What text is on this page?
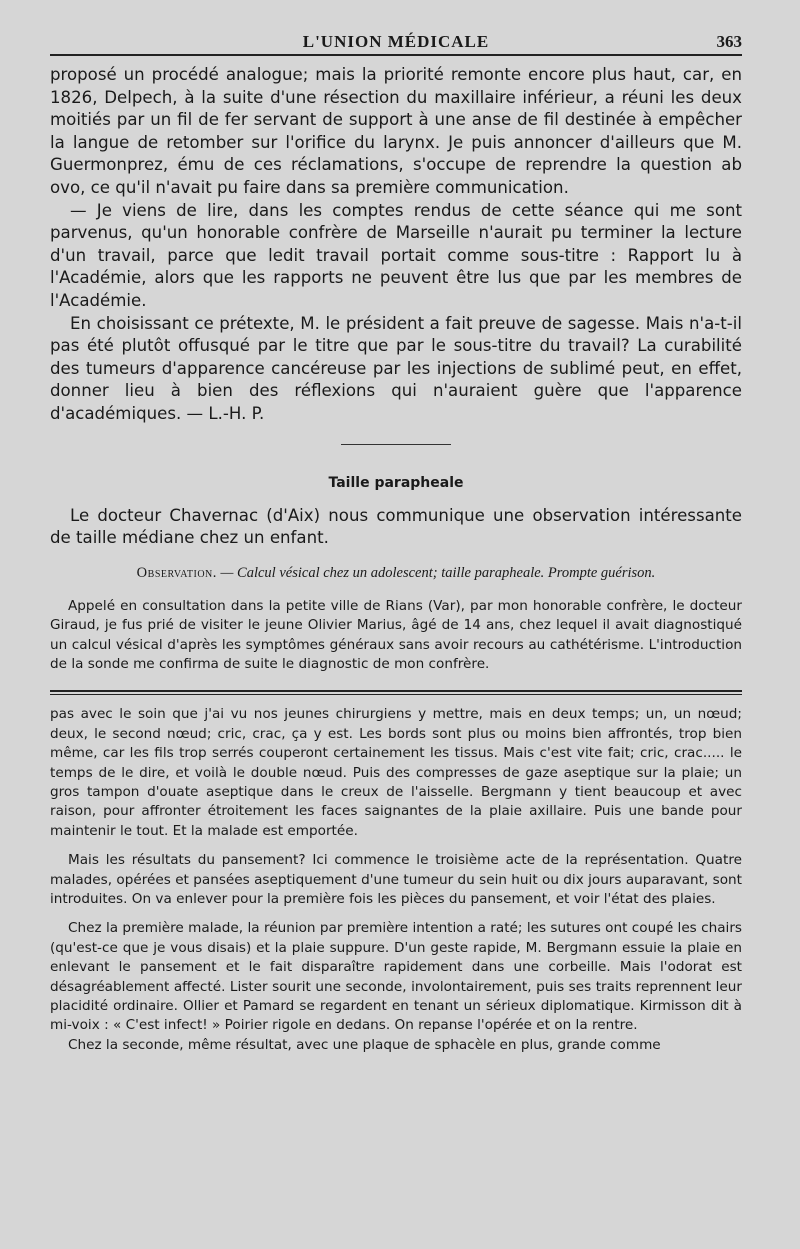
L'UNION MÉDICALE	363

proposé un procédé analogue; mais la priorité remonte encore plus haut, car, en 1826, Delpech, à la suite d'une résection du maxillaire inférieur, a réuni les deux moitiés par un fil de fer servant de support à une anse de fil destinée à empêcher la langue de retomber sur l'orifice du larynx. Je puis annoncer d'ailleurs que M. Guermonprez, ému de ces réclamations, s'occupe de reprendre la question ab ovo, ce qu'il n'avait pu faire dans sa première communication.

— Je viens de lire, dans les comptes rendus de cette séance qui me sont parvenus, qu'un honorable confrère de Marseille n'aurait pu terminer la lecture d'un travail, parce que ledit travail portait comme sous-titre : Rapport lu à l'Académie, alors que les rapports ne peuvent être lus que par les membres de l'Académie.

En choisissant ce prétexte, M. le président a fait preuve de sagesse. Mais n'a-t-il pas été plutôt offusqué par le titre que par le sous-titre du travail? La curabilité des tumeurs d'apparence cancéreuse par les injections de sublimé peut, en effet, donner lieu à bien des réflexions qui n'auraient guère que l'apparence d'académiques. — L.-H. P.

Taille parapheale

Le docteur Chavernac (d'Aix) nous communique une observation intéressante de taille médiane chez un enfant.

Observation. — Calcul vésical chez un adolescent; taille parapheale. Prompte guérison.

Appelé en consultation dans la petite ville de Rians (Var), par mon honorable confrère, le docteur Giraud, je fus prié de visiter le jeune Olivier Marius, âgé de 14 ans, chez lequel il avait diagnostiqué un calcul vésical d'après les symptômes généraux sans avoir recours au cathétérisme. L'introduction de la sonde me confirma de suite le diagnostic de mon confrère.

pas avec le soin que j'ai vu nos jeunes chirurgiens y mettre, mais en deux temps; un, un nœud; deux, le second nœud; cric, crac, ça y est. Les bords sont plus ou moins bien affrontés, trop bien même, car les fils trop serrés couperont certainement les tissus. Mais c'est vite fait; cric, crac..... le temps de le dire, et voilà le double nœud. Puis des compresses de gaze aseptique sur la plaie; un gros tampon d'ouate aseptique dans le creux de l'aisselle. Bergmann y tient beaucoup et avec raison, pour affronter étroitement les faces saignantes de la plaie axillaire. Puis une bande pour maintenir le tout. Et la malade est emportée.

Mais les résultats du pansement? Ici commence le troisième acte de la représentation. Quatre malades, opérées et pansées aseptiquement d'une tumeur du sein huit ou dix jours auparavant, sont introduites. On va enlever pour la première fois les pièces du pansement, et voir l'état des plaies.

Chez la première malade, la réunion par première intention a raté; les sutures ont coupé les chairs (qu'est-ce que je vous disais) et la plaie suppure. D'un geste rapide, M. Bergmann essuie la plaie en enlevant le pansement et le fait disparaître rapidement dans une corbeille. Mais l'odorat est désagréablement affecté. Lister sourit une seconde, involontairement, puis ses traits reprennent leur placidité ordinaire. Ollier et Pamard se regardent en tenant un sérieux diplomatique. Kirmisson dit à mi-voix : « C'est infect! » Poirier rigole en dedans. On repanse l'opérée et on la rentre.

Chez la seconde, même résultat, avec une plaque de sphacèle en plus, grande comme
